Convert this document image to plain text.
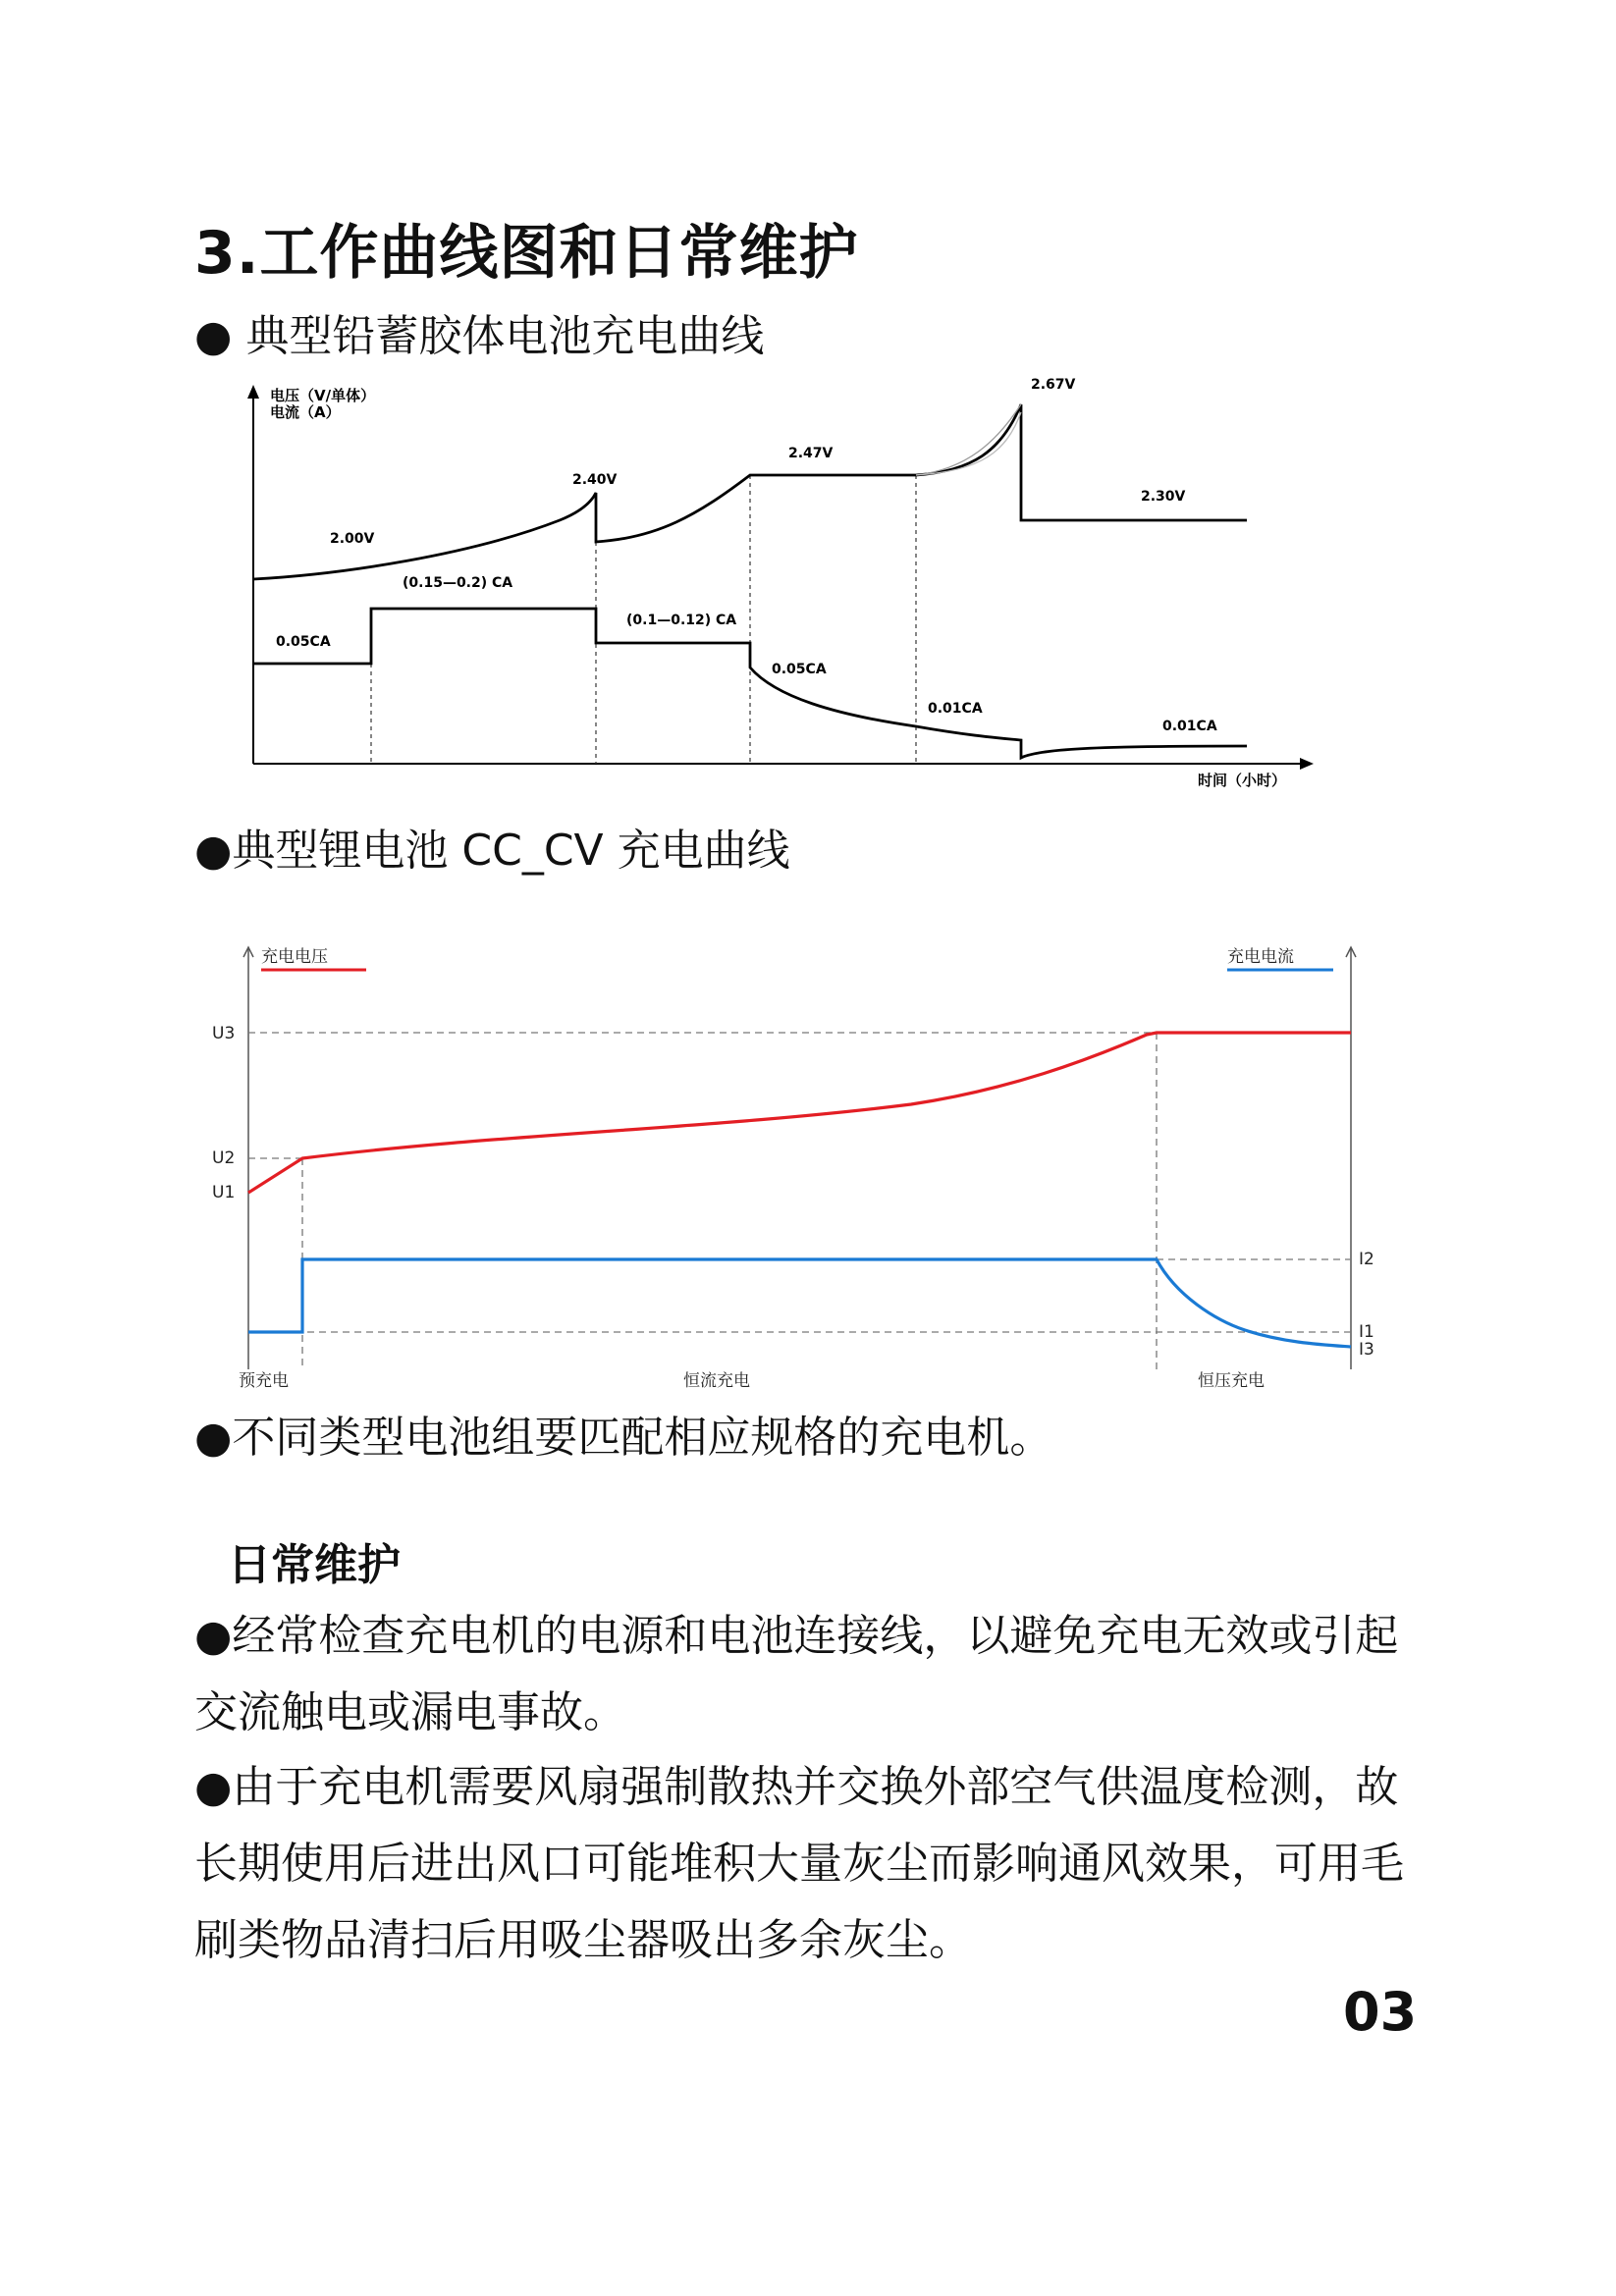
3.工作曲线图和日常维护
● 典型铅蓄胶体电池充电曲线
电压（V/单体）
电流（A）
2.00V
2.40V
2.47V
2.67V
2.30V
0.05CA
(0.15—0.2) CA
(0.1—0.12) CA
0.05CA
0.01CA
0.01CA
时间（小时）
●典型锂电池 CC_CV 充电曲线
充电电压	充电电流
U3
U2
U1
I2
I1
I3
预充电	恒流充电	恒压充电
●不同类型电池组要匹配相应规格的充电机。
日常维护
●经常检查充电机的电源和电池连接线，以避免充电无效或引起
交流触电或漏电事故。
●由于充电机需要风扇强制散热并交换外部空气供温度检测，故
长期使用后进出风口可能堆积大量灰尘而影响通风效果，可用毛
刷类物品清扫后用吸尘器吸出多余灰尘。
03
